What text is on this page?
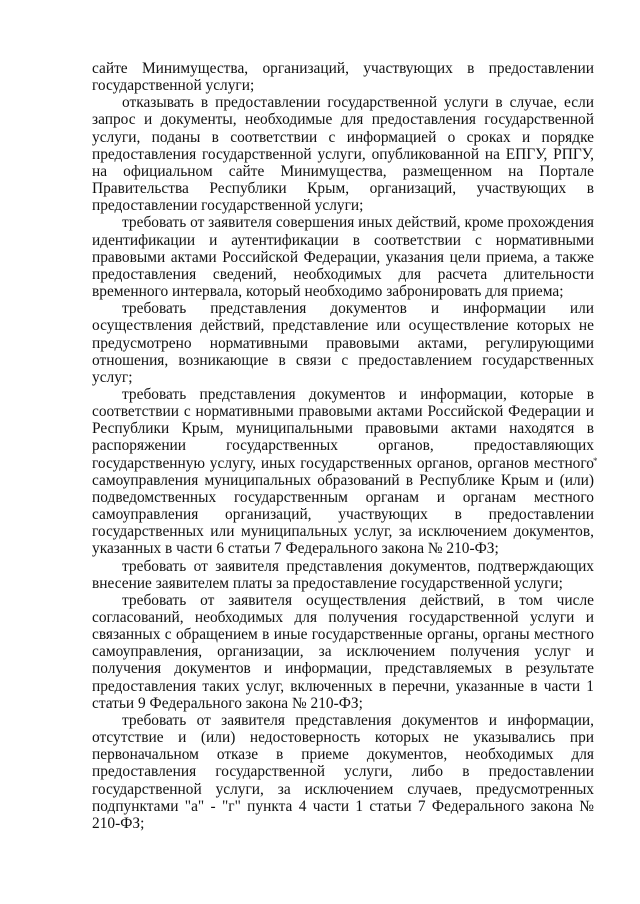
сайте Минимущества, организаций, участвующих в предоставлении государственной услуги;

отказывать в предоставлении государственной услуги в случае, если запрос и документы, необходимые для предоставления государственной услуги, поданы в соответствии с информацией о сроках и порядке предоставления государственной услуги, опубликованной на ЕПГУ, РПГУ, на официальном сайте Минимущества, размещенном на Портале Правительства Республики Крым, организаций, участвующих в предоставлении государственной услуги;

требовать от заявителя совершения иных действий, кроме прохождения идентификации и аутентификации в соответствии с нормативными правовыми актами Российской Федерации, указания цели приема, а также предоставления сведений, необходимых для расчета длительности временного интервала, который необходимо забронировать для приема;

требовать представления документов и информации или осуществления действий, представление или осуществление которых не предусмотрено нормативными правовыми актами, регулирующими отношения, возникающие в связи с предоставлением государственных услуг;

требовать представления документов и информации, которые в соответствии с нормативными правовыми актами Российской Федерации и Республики Крым, муниципальными правовыми актами находятся в распоряжении государственных органов, предоставляющих государственную услугу, иных государственных органов, органов местного самоуправления муниципальных образований в Республике Крым и (или) подведомственных государственным органам и органам местного самоуправления организаций, участвующих в предоставлении государственных или муниципальных услуг, за исключением документов, указанных в части 6 статьи 7 Федерального закона № 210-ФЗ;

требовать от заявителя представления документов, подтверждающих внесение заявителем платы за предоставление государственной услуги;

требовать от заявителя осуществления действий, в том числе согласований, необходимых для получения государственной услуги и связанных с обращением в иные государственные органы, органы местного самоуправления, организации, за исключением получения услуг и получения документов и информации, представляемых в результате предоставления таких услуг, включенных в перечни, указанные в части 1 статьи 9 Федерального закона № 210-ФЗ;

требовать от заявителя представления документов и информации, отсутствие и (или) недостоверность которых не указывались при первоначальном отказе в приеме документов, необходимых для предоставления государственной услуги, либо в предоставлении государственной услуги, за исключением случаев, предусмотренных подпунктами "а" - "г" пункта 4 части 1 статьи 7 Федерального закона № 210-ФЗ;

*
